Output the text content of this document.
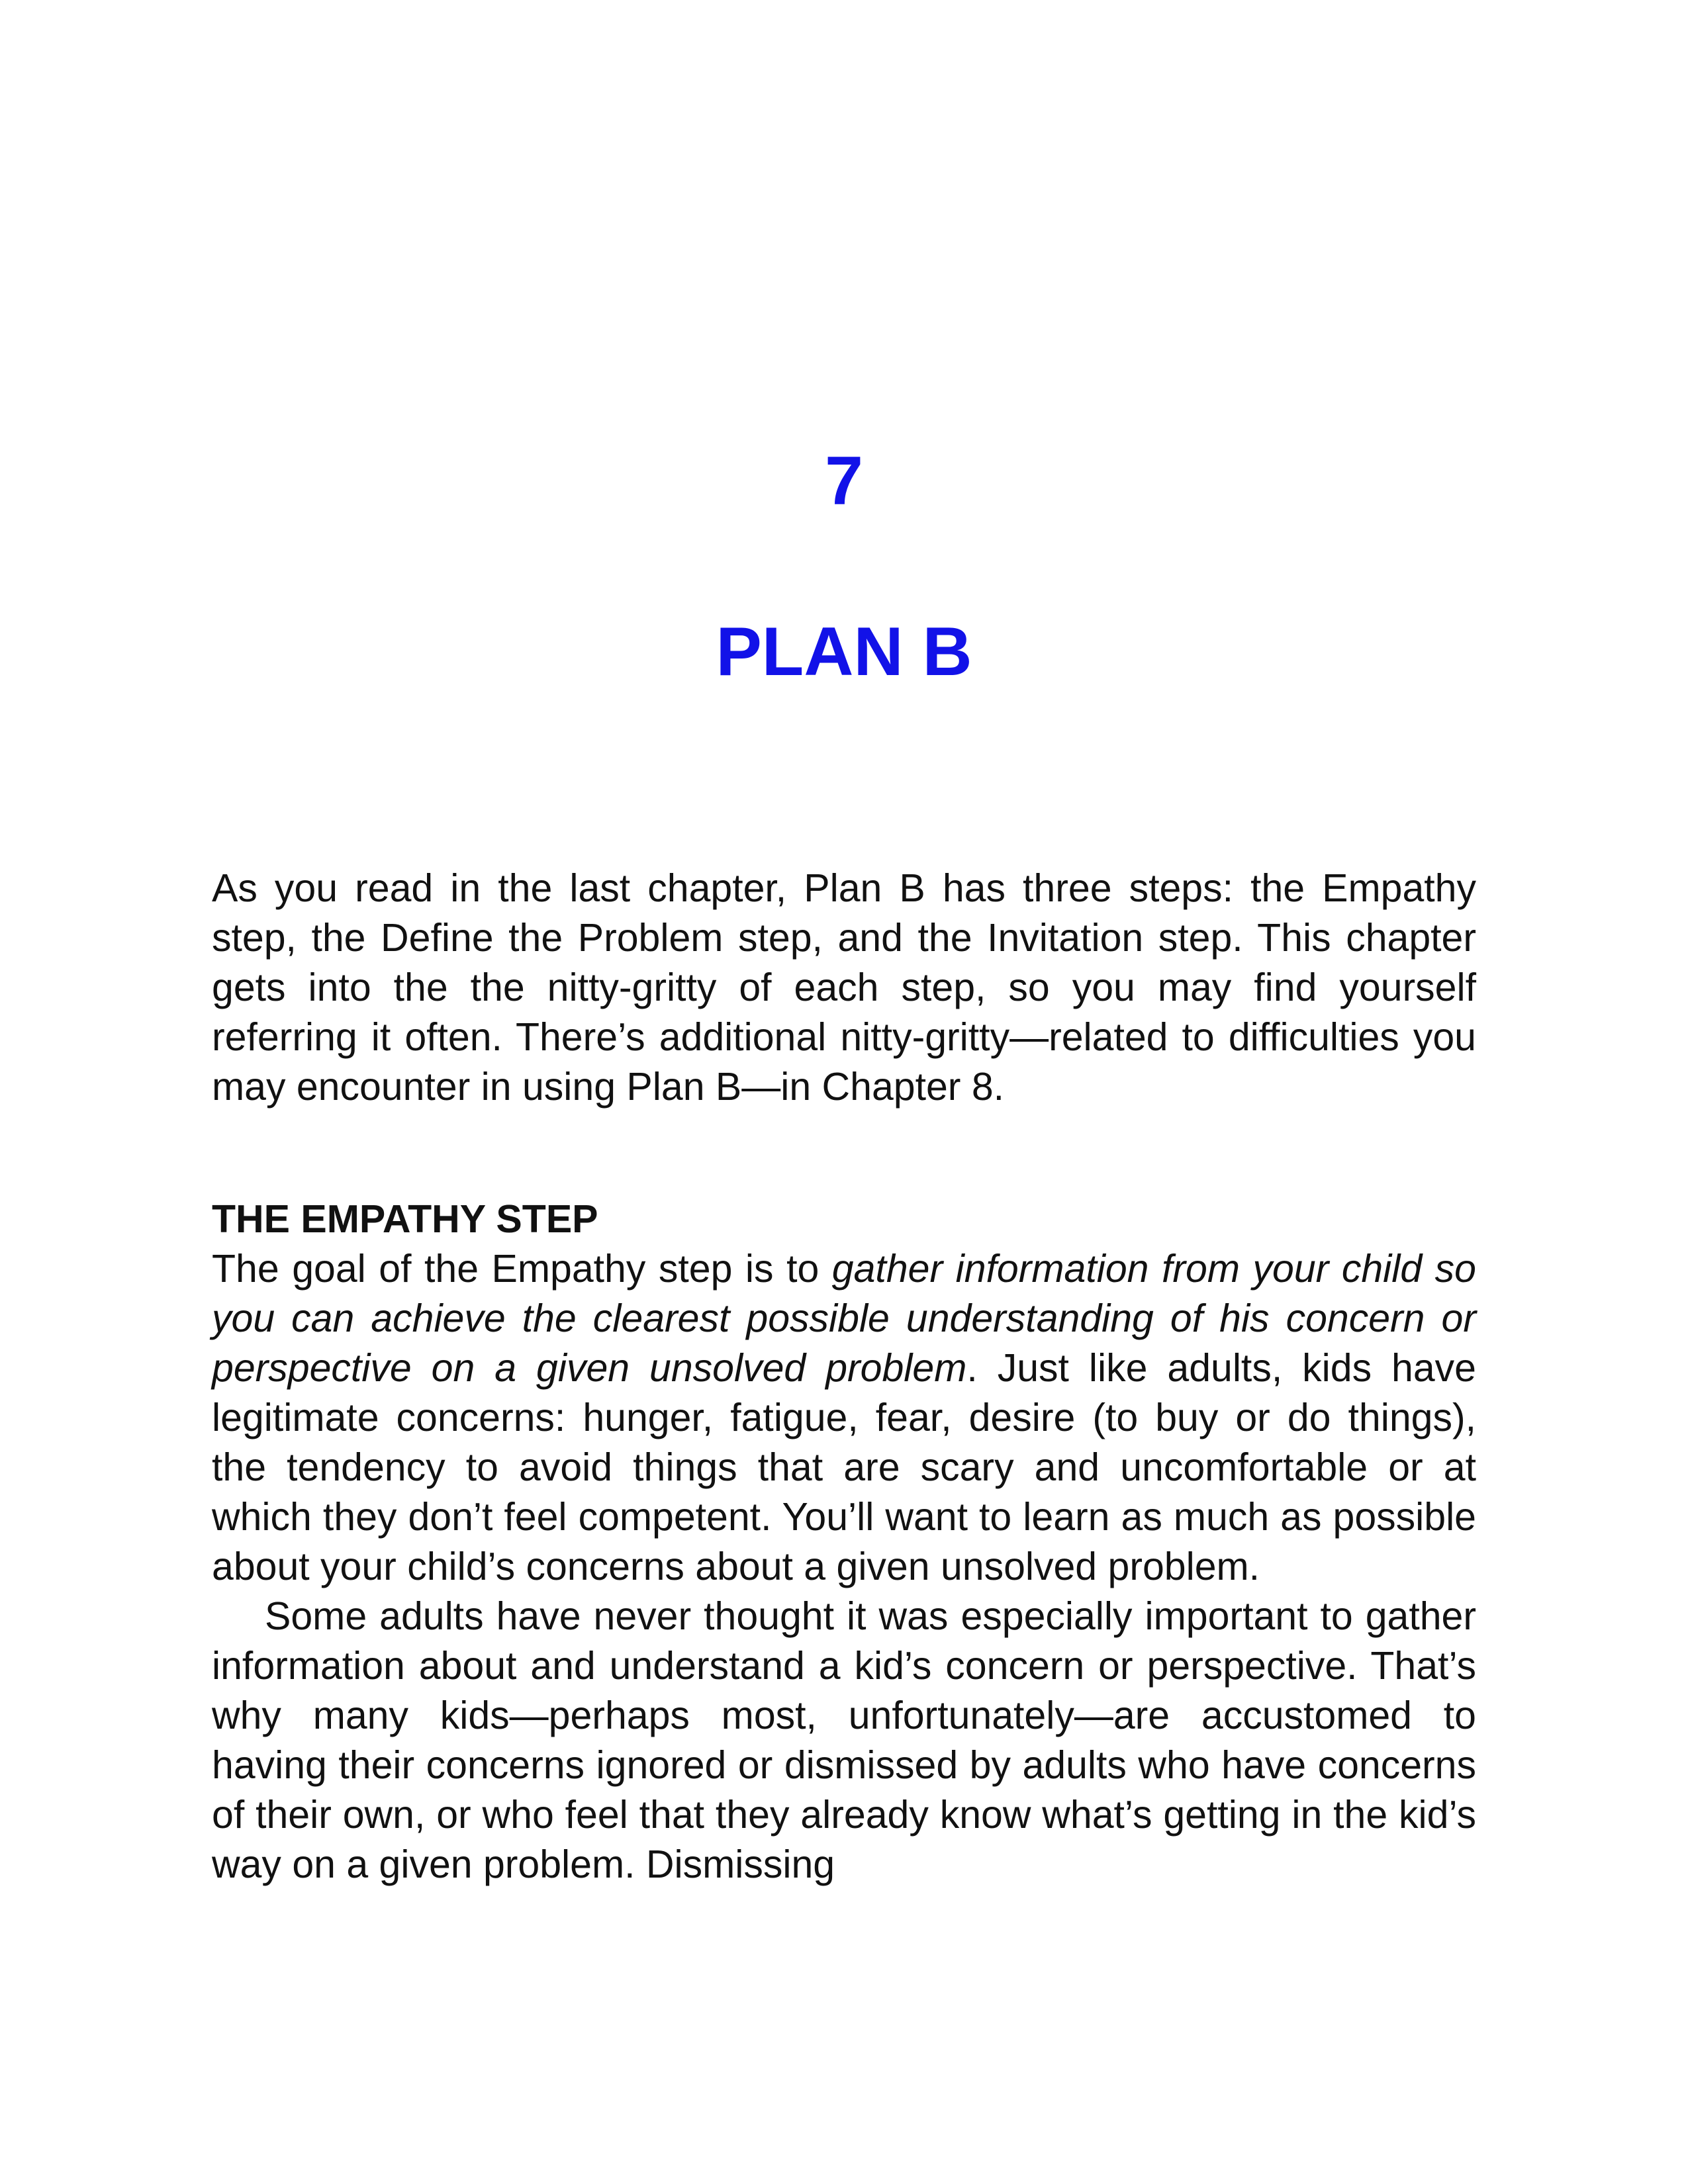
7
PLAN B

As you read in the last chapter, Plan B has three steps: the Empathy step, the Define the Problem step, and the Invitation step. This chapter gets into the the nitty-gritty of each step, so you may find yourself referring it often. There’s additional nitty-gritty—related to difficulties you may encounter in using Plan B—in Chapter 8.

THE EMPATHY STEP

The goal of the Empathy step is to gather information from your child so you can achieve the clearest possible understanding of his concern or perspective on a given unsolved problem. Just like adults, kids have legitimate concerns: hunger, fatigue, fear, desire (to buy or do things), the tendency to avoid things that are scary and uncomfortable or at which they don’t feel competent. You’ll want to learn as much as possible about your child’s concerns about a given unsolved problem.

Some adults have never thought it was especially important to gather information about and understand a kid’s concern or perspective. That’s why many kids—perhaps most, unfortunately—are accustomed to having their concerns ignored or dismissed by adults who have concerns of their own, or who feel that they already know what’s getting in the kid’s way on a given problem. Dismissing
